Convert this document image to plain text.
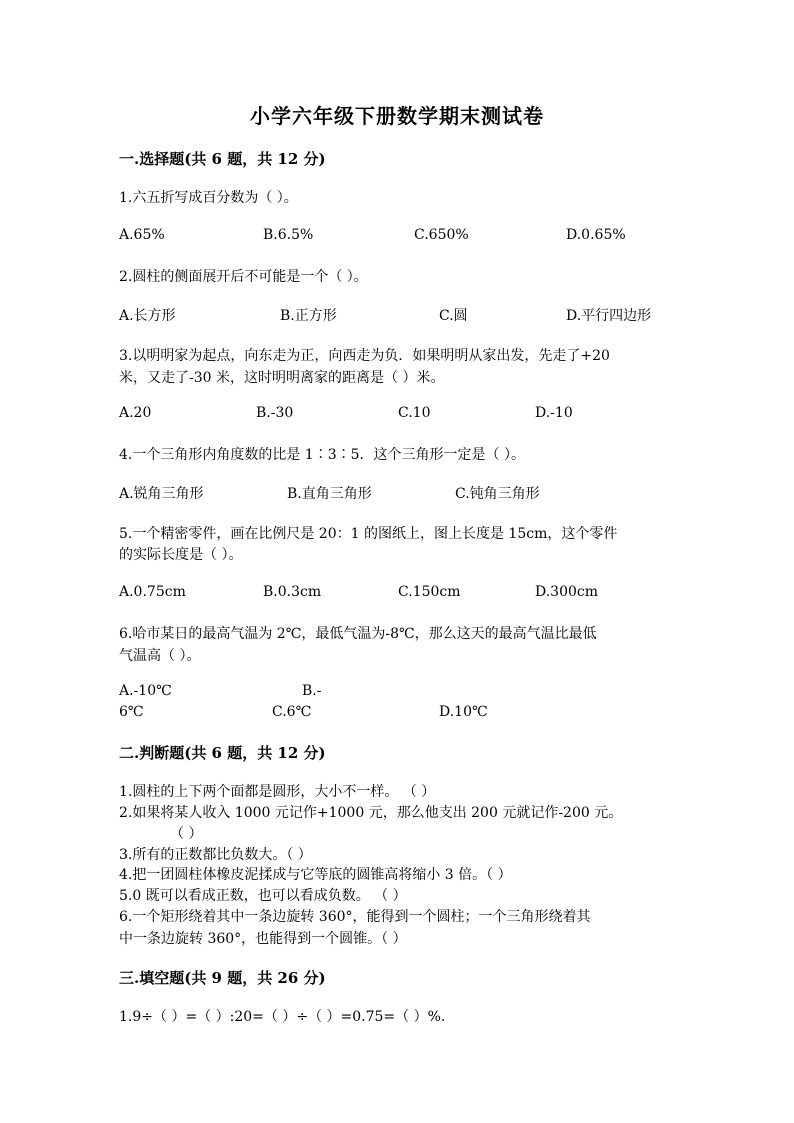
小学六年级下册数学期末测试卷
一.选择题(共 6 题，共 12 分)
1.六五折写成百分数为（ ）。
A.65%	B.6.5%	C.650%	D.0.65%
2.圆柱的侧面展开后不可能是一个（ ）。
A.长方形	B.正方形	C.圆	D.平行四边形
3.以明明家为起点，向东走为正，向西走为负．如果明明从家出发，先走了+20
米，又走了-30 米，这时明明离家的距离是（ ）米。
A.20	B.-30	C.10	D.-10
4.一个三角形内角度数的比是 1∶3∶5．这个三角形一定是（ ）。
A.锐角三角形	B.直角三角形	C.钝角三角形
5.一个精密零件，画在比例尺是 20：1 的图纸上，图上长度是 15cm，这个零件
的实际长度是（ ）。
A.0.75cm	B.0.3cm	C.150cm	D.300cm
6.哈市某日的最高气温为 2℃，最低气温为-8℃，那么这天的最高气温比最低
气温高（ ）。
A.-10℃	B.-
6℃	C.6℃	D.10℃
二.判断题(共 6 题，共 12 分)
1.圆柱的上下两个面都是圆形，大小不一样。 （ ）
2.如果将某人收入 1000 元记作+1000 元，那么他支出 200 元就记作-200 元。
（ ）
3.所有的正数都比负数大。（ ）
4.把一团圆柱体橡皮泥揉成与它等底的圆锥高将缩小 3 倍。（ ）
5.0 既可以看成正数，也可以看成负数。 （ ）
6.一个矩形绕着其中一条边旋转 360°，能得到一个圆柱；一个三角形绕着其
中一条边旋转 360°，也能得到一个圆锥。（ ）
三.填空题(共 9 题，共 26 分)
1.9÷（ ）=（ ）:20=（ ）÷（ ）=0.75=（ ）%.
